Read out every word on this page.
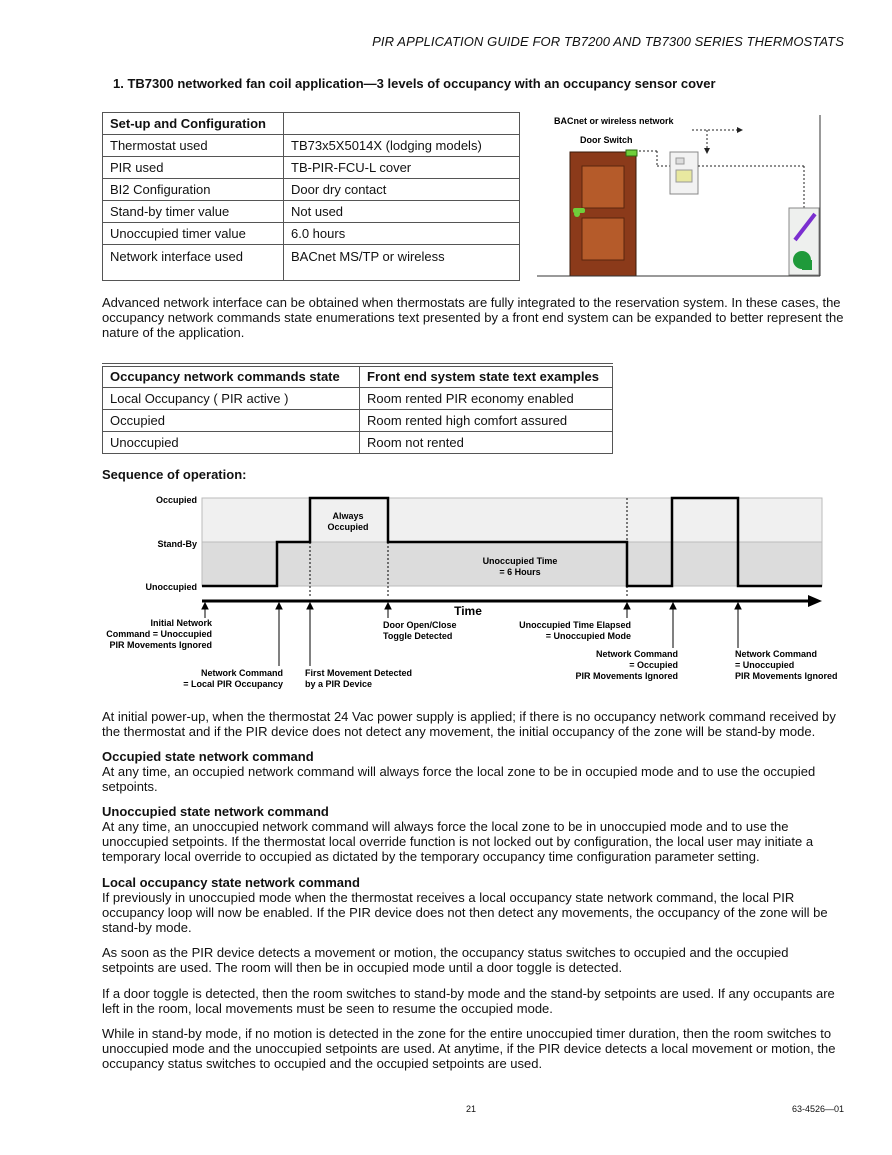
PIR APPLICATION GUIDE FOR TB7200 AND TB7300 SERIES THERMOSTATS
1. TB7300 networked fan coil application—3 levels of occupancy with an occupancy sensor cover
Set-up and Configuration	
Thermostat used	TB73x5X5014X (lodging models)
PIR used	TB-PIR-FCU-L cover
BI2 Configuration	Door dry contact
Stand-by timer value	Not used
Unoccupied timer value	6.0 hours
Network interface used	BACnet MS/TP or wireless
BACnet or wireless network
Door Switch
Advanced network interface can be obtained when thermostats are fully integrated to the reservation system. In these cases, the occupancy network commands state enumerations text presented by a front end system can be expanded to better represent the nature of the application.
Occupancy network commands state	Front end system state text examples
Local Occupancy ( PIR active )	Room rented PIR economy enabled
Occupied	Room rented high comfort assured
Unoccupied	Room not rented
Sequence of operation:
Occupied
Stand-By
Unoccupied
Always
Occupied
Unoccupied Time
= 6 Hours
Time
Initial Network
Command = Unoccupied
PIR Movements Ignored
Network Command
= Local PIR Occupancy
First Movement Detected
by a PIR Device
Door Open/Close
Toggle Detected
Unoccupied Time Elapsed
= Unoccupied Mode
Network Command
= Occupied
PIR Movements Ignored
Network Command
= Unoccupied
PIR Movements Ignored
At initial power-up, when the thermostat 24 Vac power supply is applied; if there is no occupancy network command received by the thermostat and if the PIR device does not detect any movement, the initial occupancy of the zone will be stand-by mode.
Occupied state network command
At any time, an occupied network command will always force the local zone to be in occupied mode and to use the occupied setpoints.
Unoccupied state network command
At any time, an unoccupied network command will always force the local zone to be in unoccupied mode and to use the unoccupied setpoints. If the thermostat local override function is not locked out by configuration, the local user may initiate a temporary local override to occupied as dictated by the temporary occupancy time configuration parameter setting.
Local occupancy state network command
If previously in unoccupied mode when the thermostat receives a local occupancy state network command, the local PIR occupancy loop will now be enabled. If the PIR device does not then detect any movements, the occupancy of the zone will be stand-by mode.
As soon as the PIR device detects a movement or motion, the occupancy status switches to occupied and the occupied setpoints are used. The room will then be in occupied mode until a door toggle is detected.
If a door toggle is detected, then the room switches to stand-by mode and the stand-by setpoints are used. If any occupants are left in the room, local movements must be seen to resume the occupied mode.
While in stand-by mode, if no motion is detected in the zone for the entire unoccupied timer duration, then the room switches to unoccupied mode and the unoccupied setpoints are used. At anytime, if the PIR device detects a local movement or motion, the occupancy status switches to occupied and the occupied setpoints are used.
21	63-4526—01
